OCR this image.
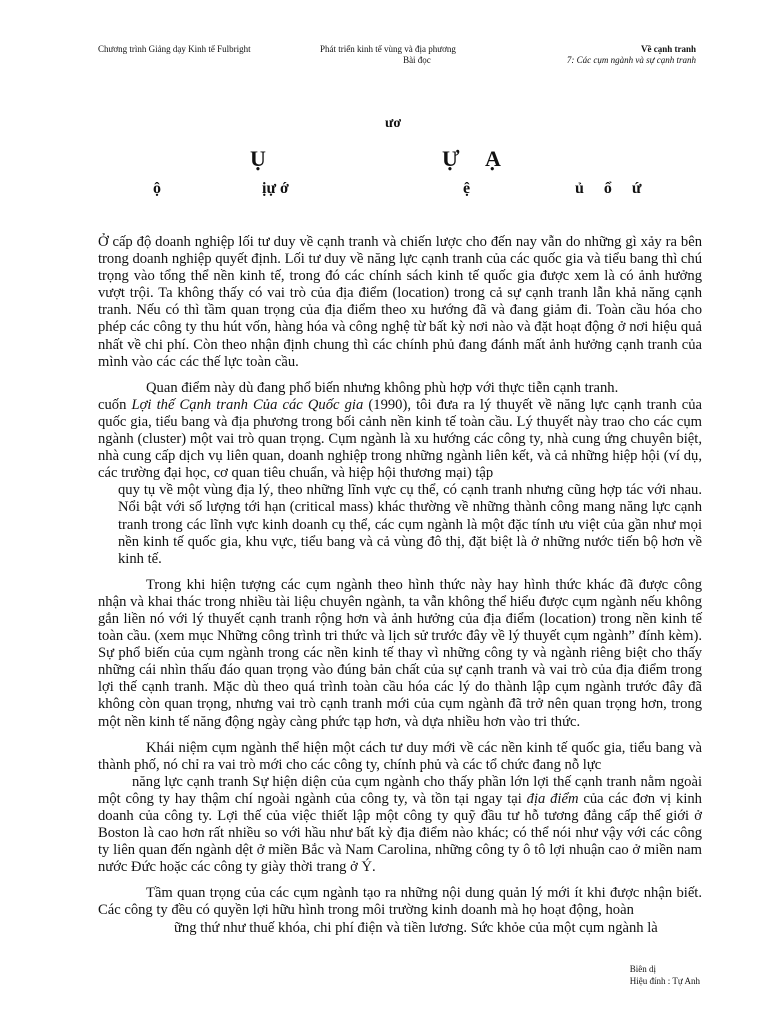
Chương trình Giảng dạy Kinh tế Fulbright	Phát triển kinh tế vùng và địa phương
Bài đọc
Về cạnh tranh
7: Các cụm ngành và sự cạnh tranh
ươ
Ụ	Ự Ạ
ộ	ịự ớ	ệ	ủ ổ ứ

Ở cấp độ doanh nghiệp lối tư duy về cạnh tranh và chiến lược cho đến nay vẫn do những gì xảy ra bên trong doanh nghiệp quyết định. Lối tư duy về năng lực cạnh tranh của các quốc gia và tiểu bang thì chú trọng vào tổng thể nền kinh tế, trong đó các chính sách kinh tế quốc gia được xem là có ảnh hưởng vượt trội. Ta không thấy có vai trò của địa điểm (location) trong cả sự cạnh tranh lẫn khả năng cạnh tranh. Nếu có thì tầm quan trọng của địa điểm theo xu hướng đã và đang giảm đi. Toàn cầu hóa cho phép các công ty thu hút vốn, hàng hóa và công nghệ từ bất kỳ nơi nào và đặt hoạt động ở nơi hiệu quả nhất về chi phí. Còn theo nhận định chung thì các chính phủ đang đánh mất ảnh hưởng cạnh tranh của mình vào các các thế lực toàn cầu.

Quan điểm này dù đang phổ biến nhưng không phù hợp với thực tiễn cạnh tranh.

cuốn Lợi thế Cạnh tranh Của các Quốc gia (1990), tôi đưa ra lý thuyết về năng lực cạnh tranh của quốc gia, tiểu bang và địa phương trong bối cảnh nền kinh tế toàn cầu. Lý thuyết này trao cho các cụm ngành (cluster) một vai trò quan trọng. Cụm ngành là xu hướng các công ty, nhà cung ứng chuyên biệt, nhà cung cấp dịch vụ liên quan, doanh nghiệp trong những ngành liên kết, và cả những hiệp hội (ví dụ, các trường đại học, cơ quan tiêu chuẩn, và hiệp hội thương mại) tập

quy tụ về một vùng địa lý, theo những lĩnh vực cụ thể, có cạnh tranh nhưng cũng hợp tác với nhau. Nổi bật với số lượng tới hạn (critical mass) khác thường về những thành công mang năng lực cạnh tranh trong các lĩnh vực kinh doanh cụ thể, các cụm ngành là một đặc tính ưu việt của gần như mọi nền kinh tế quốc gia, khu vực, tiểu bang và cả vùng đô thị, đặt biệt là ở những nước tiến bộ hơn về kinh tế.

Trong khi hiện tượng các cụm ngành theo hình thức này hay hình thức khác đã được công nhận và khai thác trong nhiều tài liệu chuyên ngành, ta vẫn không thể hiểu được cụm ngành nếu không gắn liền nó với lý thuyết cạnh tranh rộng hơn và ảnh hưởng của địa điểm (location) trong nền kinh tế toàn cầu. (xem mục Những công trình tri thức và lịch sử trước đây về lý thuyết cụm ngành” đính kèm). Sự phổ biến của cụm ngành trong các nền kinh tế thay vì những công ty và ngành riêng biệt cho thấy những cái nhìn thấu đáo quan trọng vào đúng bản chất của sự cạnh tranh và vai trò của địa điểm trong lợi thế cạnh tranh. Mặc dù theo quá trình toàn cầu hóa các lý do thành lập cụm ngành trước đây đã không còn quan trọng, nhưng vai trò cạnh tranh mới của cụm ngành đã trở nên quan trọng hơn, trong một nền kinh tế năng động ngày càng phức tạp hơn, và dựa nhiều hơn vào tri thức.

Khái niệm cụm ngành thể hiện một cách tư duy mới về các nền kinh tế quốc gia, tiểu bang và thành phố, nó chỉ ra vai trò mới cho các công ty, chính phủ và các tổ chức đang nỗ lực

năng lực cạnh tranh Sự hiện diện của cụm ngành cho thấy phần lớn lợi thế cạnh tranh nằm ngoài một công ty hay thậm chí ngoài ngành của công ty, và tồn tại ngay tại địa điểm của các đơn vị kinh doanh của công ty. Lợi thế của việc thiết lập một công ty quỹ đầu tư hỗ tương đẳng cấp thế giới ở Boston là cao hơn rất nhiều so với hầu như bất kỳ địa điểm nào khác; có thể nói như vậy với các công ty liên quan đến ngành dệt ở miền Bắc và Nam Carolina, những công ty ô tô lợi nhuận cao ở miền nam nước Đức hoặc các công ty giày thời trang ở Ý.

Tầm quan trọng của các cụm ngành tạo ra những nội dung quản lý mới ít khi được nhận biết. Các công ty đều có quyền lợi hữu hình trong môi trường kinh doanh mà họ hoạt động, hoàn

ững thứ như thuế khóa, chi phí điện và tiền lương. Sức khỏe của một cụm ngành là

Biên dị
Hiệu đính : Tự Anh
